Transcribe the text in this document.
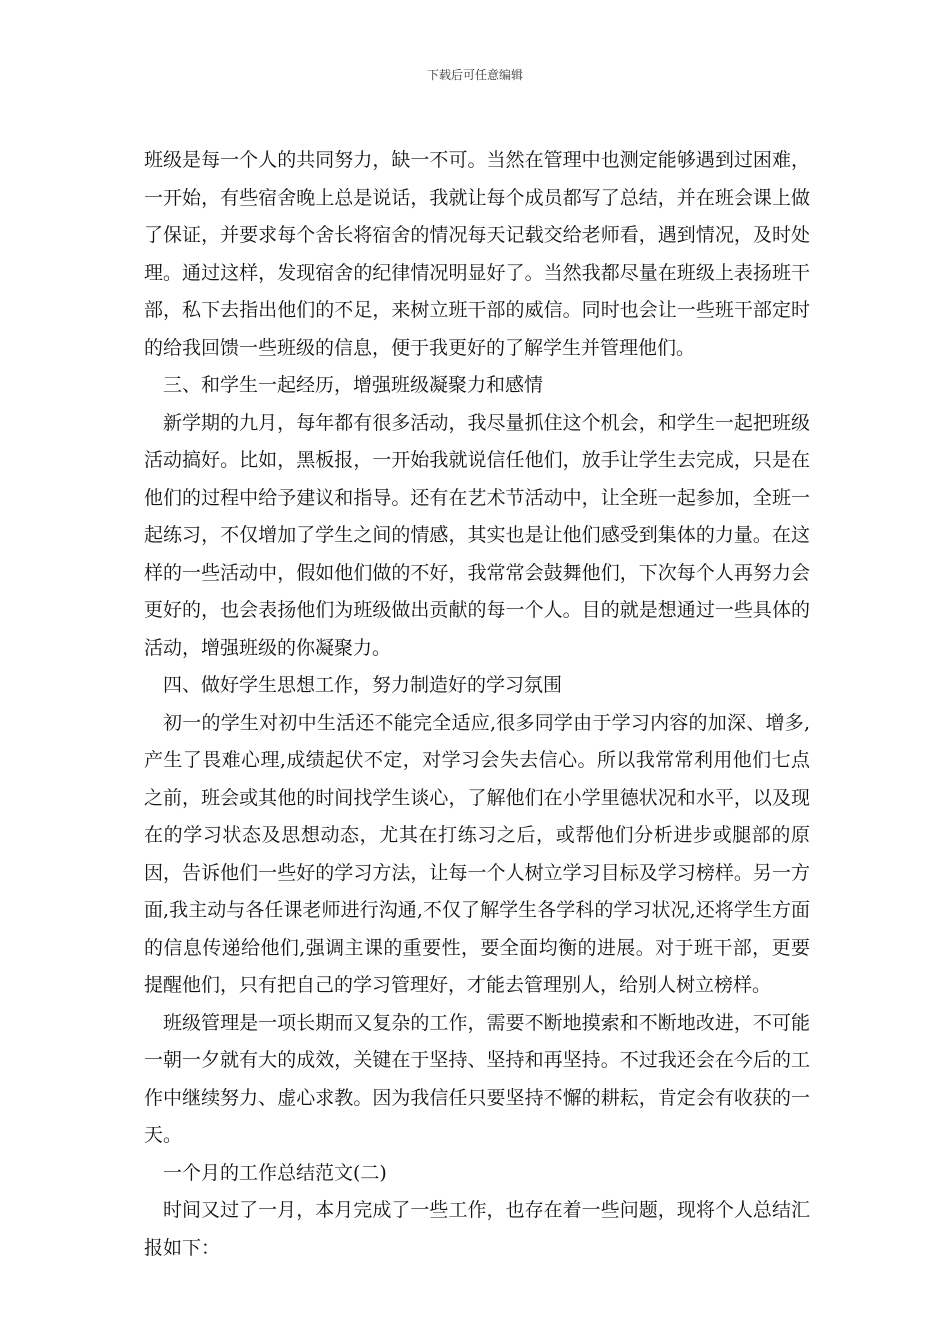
下载后可任意编辑

班级是每一个人的共同努力，缺一不可。当然在管理中也测定能够遇到过困难，一开始，有些宿舍晚上总是说话，我就让每个成员都写了总结，并在班会课上做了保证，并要求每个舍长将宿舍的情况每天记载交给老师看，遇到情况，及时处理。通过这样，发现宿舍的纪律情况明显好了。当然我都尽量在班级上表扬班干部，私下去指出他们的不足，来树立班干部的威信。同时也会让一些班干部定时的给我回馈一些班级的信息，便于我更好的了解学生并管理他们。

三、和学生一起经历，增强班级凝聚力和感情

新学期的九月，每年都有很多活动，我尽量抓住这个机会，和学生一起把班级活动搞好。比如，黑板报，一开始我就说信任他们，放手让学生去完成，只是在他们的过程中给予建议和指导。还有在艺术节活动中，让全班一起参加，全班一起练习，不仅增加了学生之间的情感，其实也是让他们感受到集体的力量。在这样的一些活动中，假如他们做的不好，我常常会鼓舞他们，下次每个人再努力会更好的，也会表扬他们为班级做出贡献的每一个人。目的就是想通过一些具体的活动，增强班级的你凝聚力。

四、做好学生思想工作，努力制造好的学习氛围

初一的学生对初中生活还不能完全适应,很多同学由于学习内容的加深、增多,产生了畏难心理,成绩起伏不定，对学习会失去信心。所以我常常利用他们七点之前，班会或其他的时间找学生谈心，了解他们在小学里德状况和水平，以及现在的学习状态及思想动态，尤其在打练习之后，或帮他们分析进步或腿部的原因，告诉他们一些好的学习方法，让每一个人树立学习目标及学习榜样。另一方面,我主动与各任课老师进行沟通,不仅了解学生各学科的学习状况,还将学生方面的信息传递给他们,强调主课的重要性，要全面均衡的进展。对于班干部，更要提醒他们，只有把自己的学习管理好，才能去管理别人，给别人树立榜样。

班级管理是一项长期而又复杂的工作，需要不断地摸索和不断地改进，不可能一朝一夕就有大的成效，关键在于坚持、坚持和再坚持。不过我还会在今后的工作中继续努力、虚心求教。因为我信任只要坚持不懈的耕耘，肯定会有收获的一天。

一个月的工作总结范文(二)

时间又过了一月，本月完成了一些工作，也存在着一些问题，现将个人总结汇报如下：
